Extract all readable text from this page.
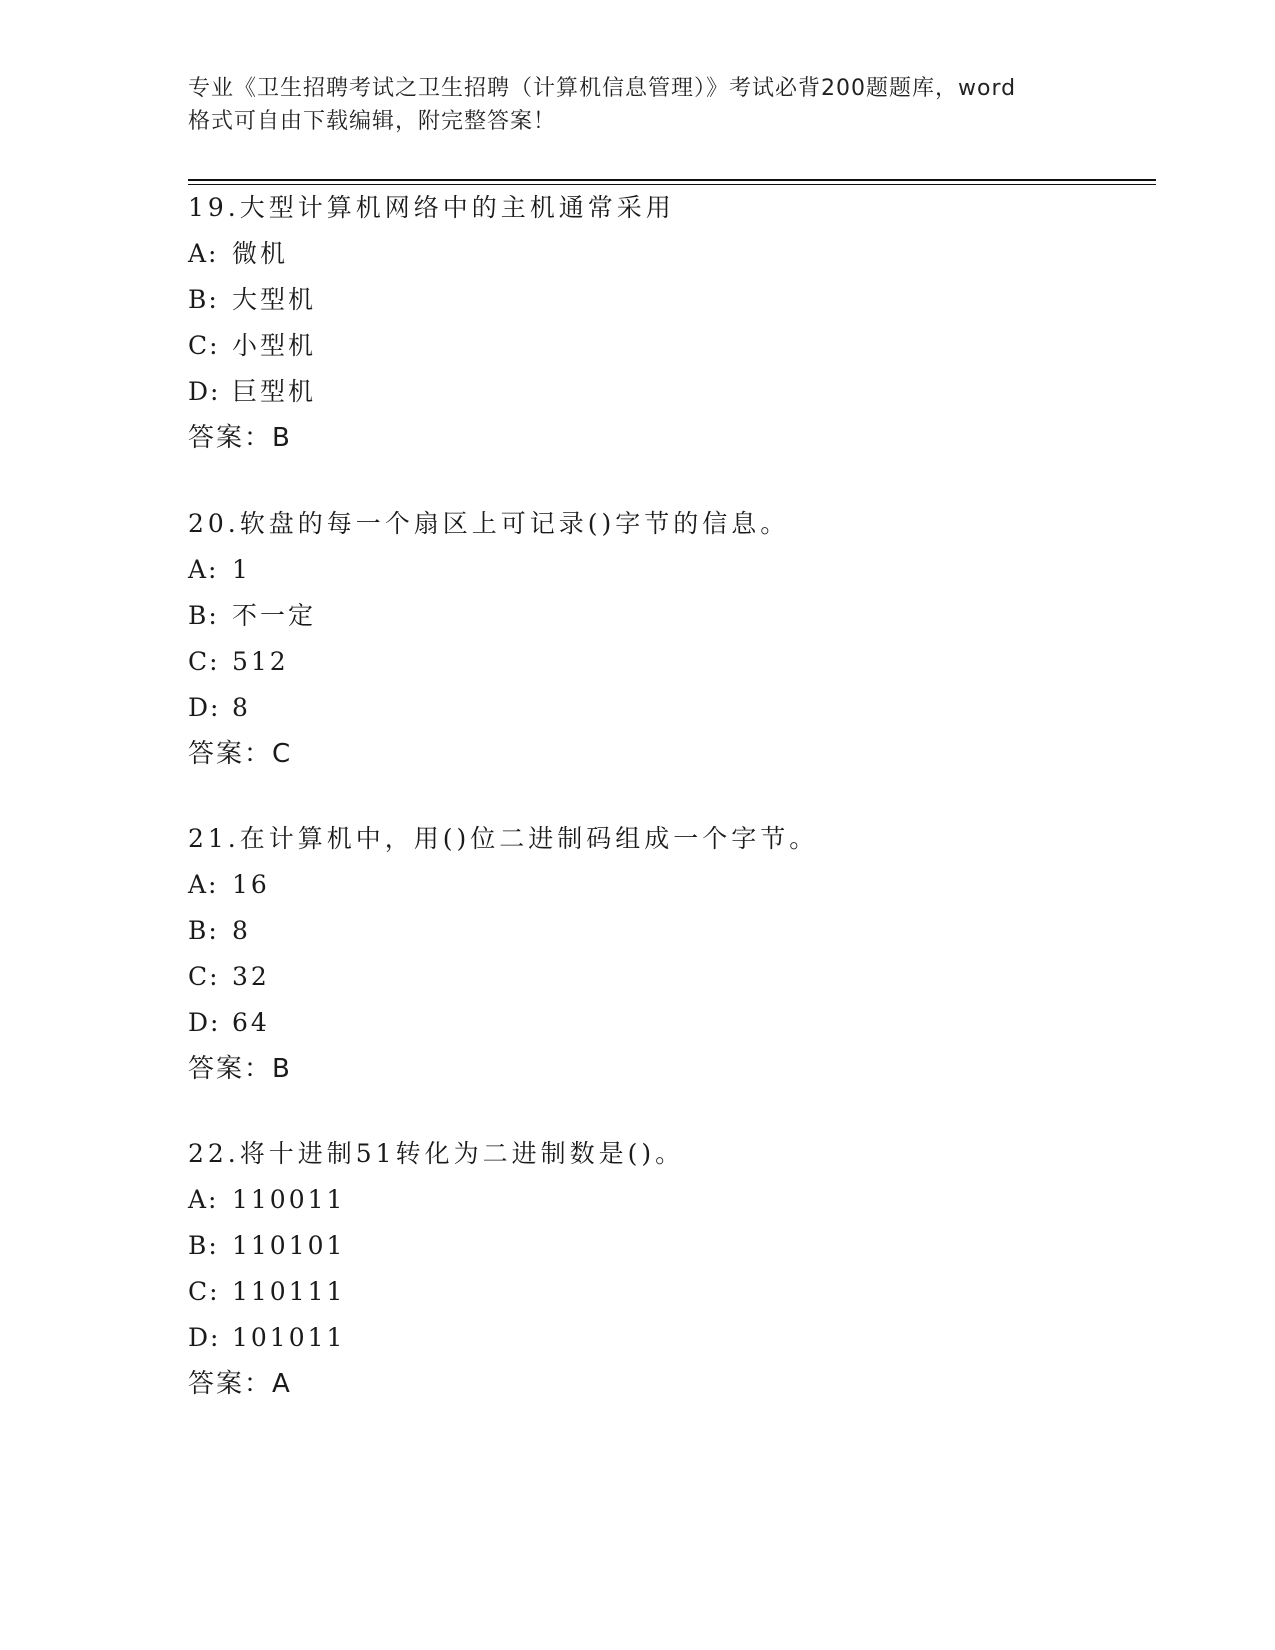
专业《卫生招聘考试之卫生招聘（计算机信息管理）》考试必背200题题库，word
格式可自由下载编辑，附完整答案！
19.大型计算机网络中的主机通常采用
A: 微机
B: 大型机
C: 小型机
D: 巨型机
答案：B
20.软盘的每一个扇区上可记录()字节的信息。
A: 1
B: 不一定
C: 512
D: 8
答案：C
21.在计算机中，用()位二进制码组成一个字节。
A: 16
B: 8
C: 32
D: 64
答案：B
22.将十进制51转化为二进制数是()。
A: 110011
B: 110101
C: 110111
D: 101011
答案：A
